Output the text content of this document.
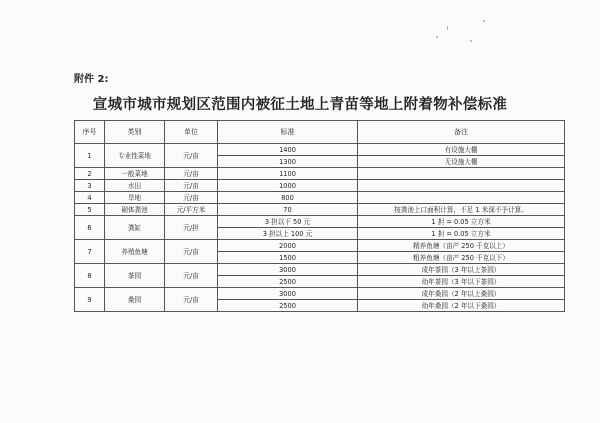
附件 2:
宣城市城市规划区范围内被征土地上青苗等地上附着物补偿标准
序号	类别	单位	标准	备注
1	专业性菜地	元/亩	1400	有设施大棚
			1300	无设施大棚
2	一般菜地	元/亩	1100	
3	水田	元/亩	1000	
4	旱地	元/亩	800	
5	砌体粪池	元/平方米	70	按粪池上口面积计算，不足 1 米深不予计算。
6	粪缸	元/担	3 担以下 50 元	1 担 = 0.05 立方米
			3 担以上 100 元	1 担 = 0.05 立方米
7	养殖鱼塘	元/亩	2000	精养鱼塘（亩产 250 千克以上）
			1500	粗养鱼塘（亩产 250 千克以下）
8	茶园	元/亩	3000	成年茶园（3 年以上茶园）
			2500	幼年茶园（3 年以下茶园）
9	桑园	元/亩	3000	成年桑园（2 年以上桑园）
			2500	幼年桑园（2 年以下桑园）
